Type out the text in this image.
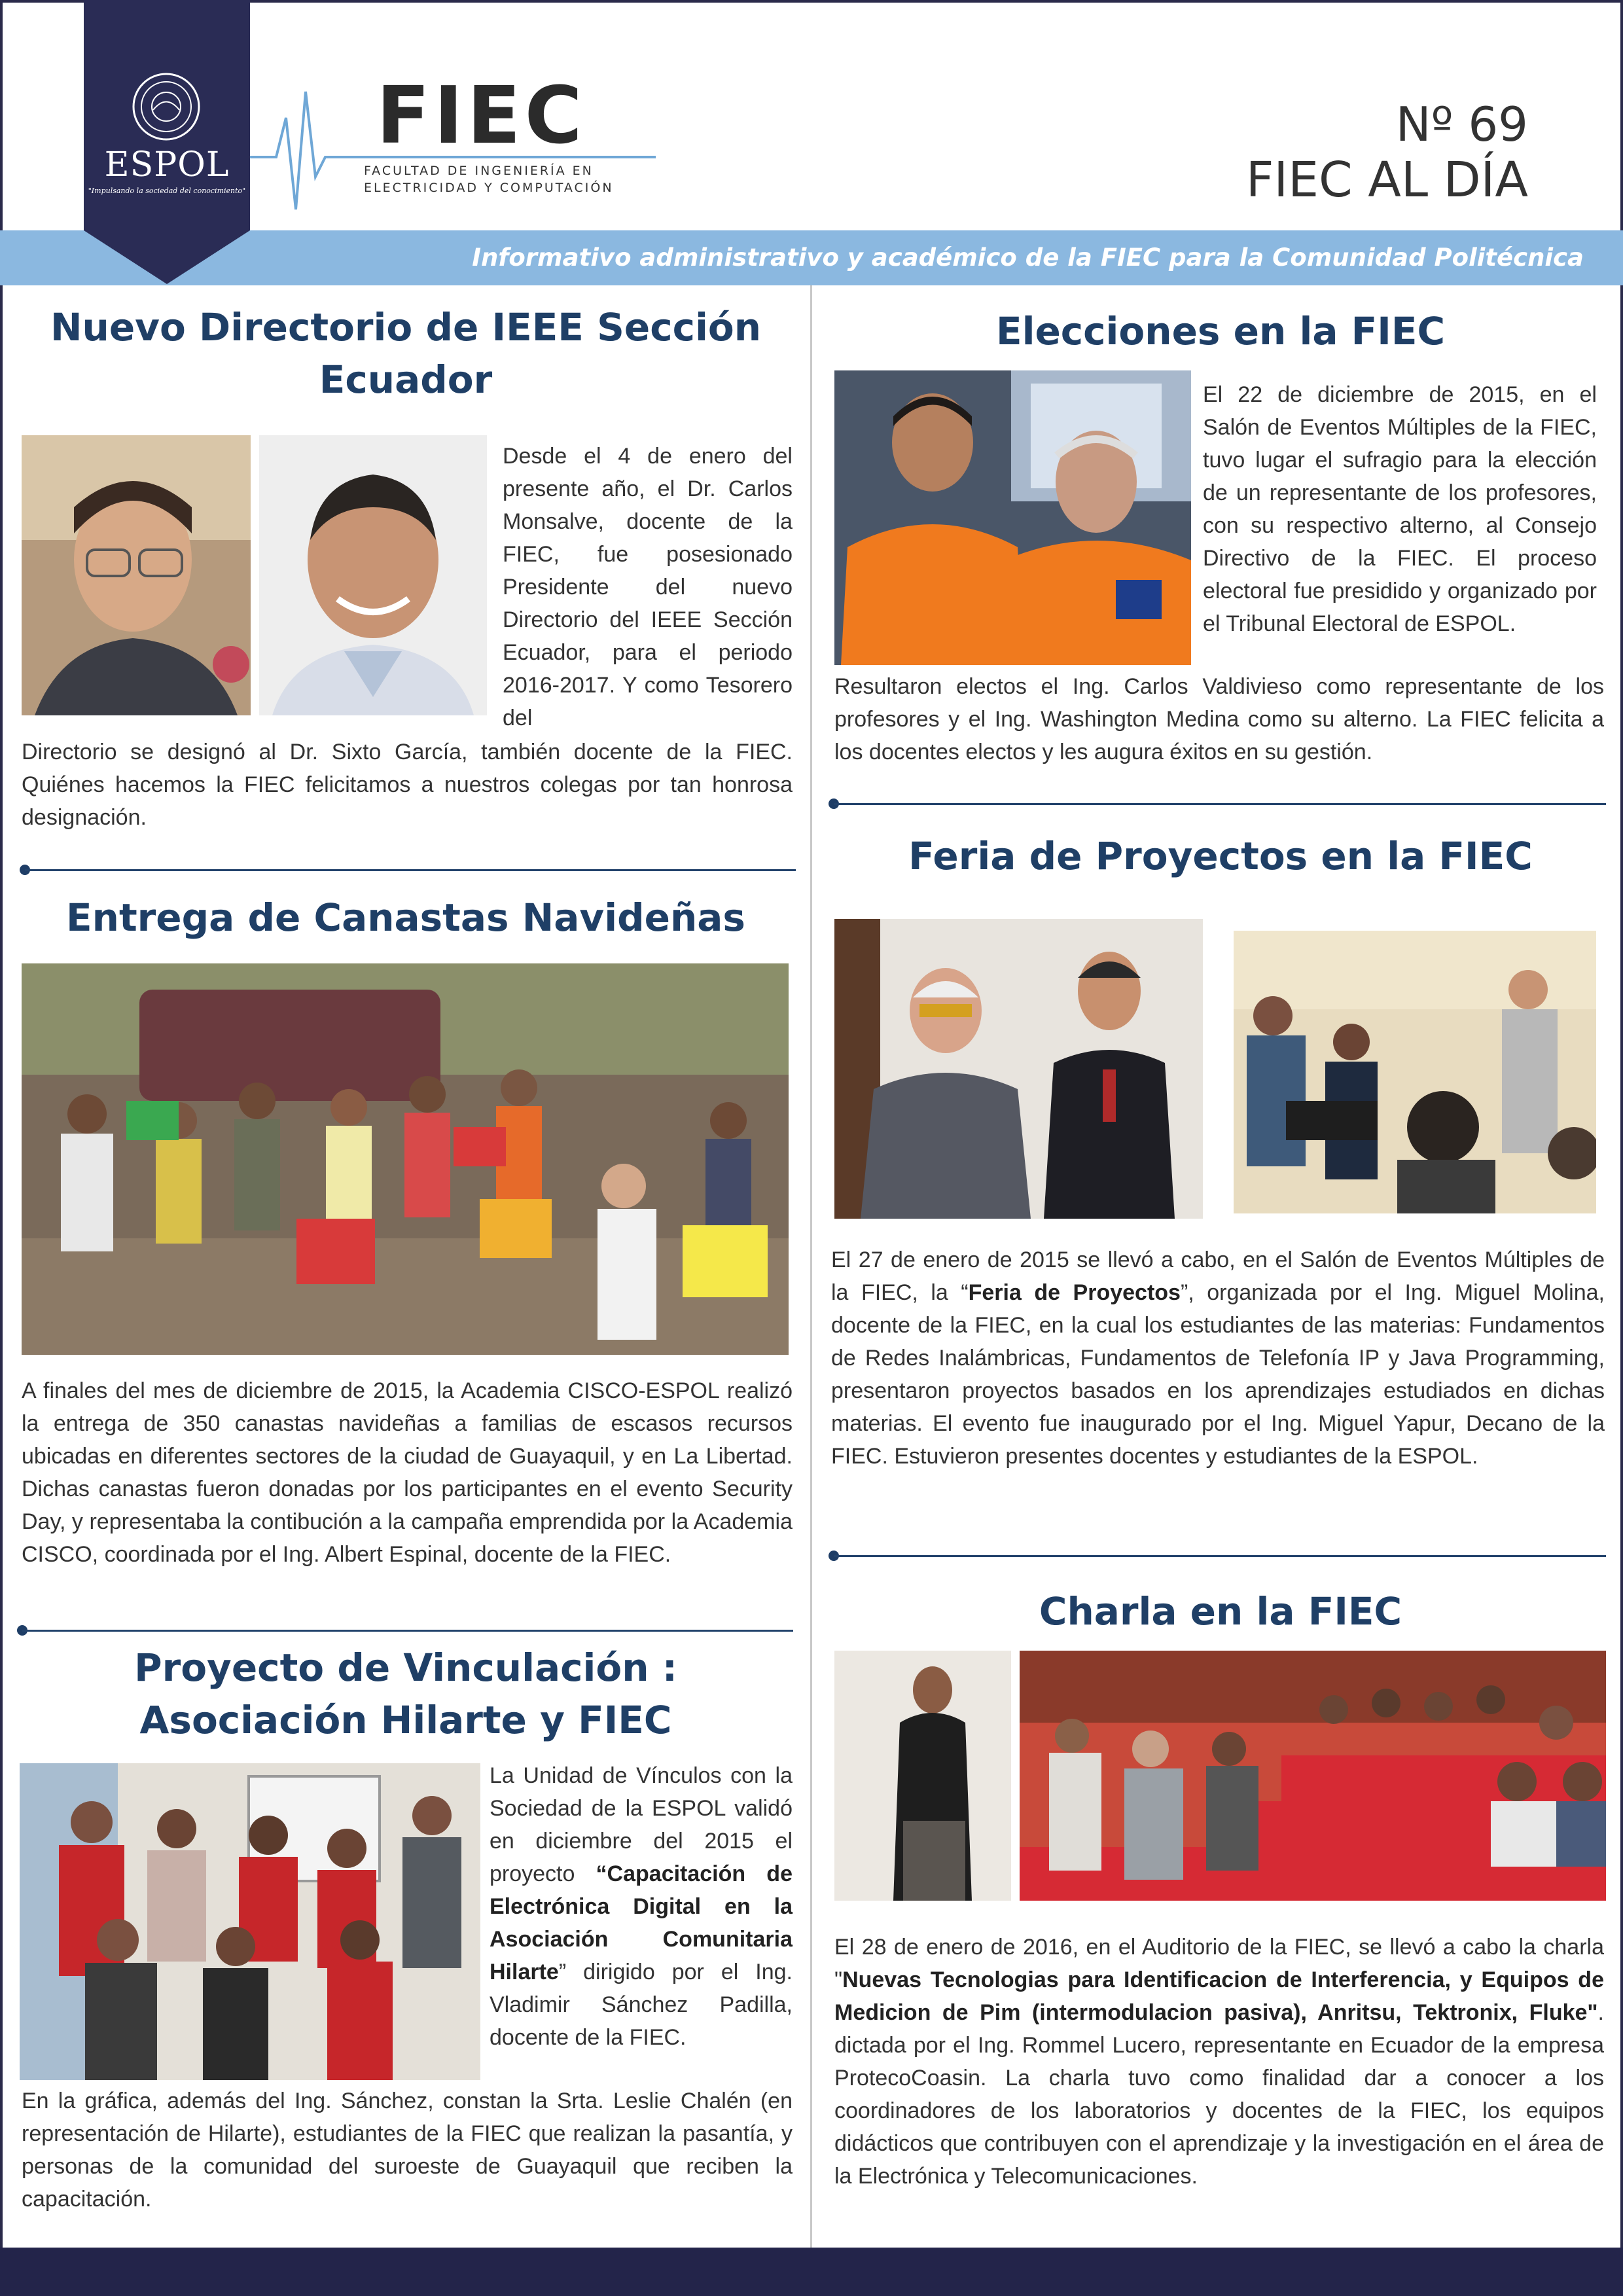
Informativo administrativo y académico de la FIEC para la Comunidad Politécnica
ESPOL
"Impulsando la sociedad del conocimiento"
FIEC
FACULTAD DE INGENIERÍA EN
ELECTRICIDAD Y COMPUTACIÓN
Nº 69
FIEC AL DÍA
Nuevo Directorio de IEEE Sección Ecuador
Desde el 4 de enero del presente año, el Dr. Carlos Monsalve, docente de la FIEC, fue posesionado Presidente del nuevo Directorio del IEEE Sección Ecuador, para el periodo 2016-2017. Y como Tesorero del
Directorio se designó al Dr. Sixto García, también docente de la FIEC. Quiénes hacemos la FIEC felicitamos a nuestros colegas por tan honrosa designación.
Entrega de Canastas Navideñas
A finales del mes de diciembre de 2015, la Academia CISCO-ESPOL realizó la entrega de 350 canastas navideñas a familias de escasos recursos ubicadas en diferentes sectores de la ciudad de Guayaquil, y en La Libertad. Dichas canastas fueron donadas por los participantes en el evento Security Day, y representaba la contibución a la campaña emprendida por la Academia CISCO, coordinada por el Ing. Albert Espinal, docente de la FIEC.
Proyecto de Vinculación : Asociación Hilarte y FIEC
La Unidad de Vínculos con la Sociedad de la ESPOL validó en diciembre del 2015 el proyecto “Capacitación de Electrónica Digital en la Asociación Comunitaria Hilarte” dirigido por el Ing. Vladimir Sánchez Padilla, docente de la FIEC.
En la gráfica, además del Ing. Sánchez, constan la Srta. Leslie Chalén (en representación de Hilarte), estudiantes de la FIEC que realizan la pasantía, y personas de la comunidad del suroeste de Guayaquil que reciben la capacitación.
Elecciones en la FIEC
El 22 de diciembre de 2015, en el Salón de Eventos Múltiples de la FIEC, tuvo lugar el sufragio para la elección de un representante de los profesores, con su respectivo alterno, al Consejo Directivo de la FIEC. El proceso electoral fue presidido y organizado por el Tribunal Electoral de ESPOL.
Resultaron electos el Ing. Carlos Valdivieso como representante de los profesores y el Ing. Washington Medina como su alterno. La FIEC felicita a los docentes electos y les augura éxitos en su gestión.
Feria de Proyectos en la FIEC
El 27 de enero de 2015 se llevó a cabo, en el Salón de Eventos Múltiples de la FIEC, la “Feria de Proyectos”, organizada por el Ing. Miguel Molina, docente de la FIEC, en la cual los estudiantes de las materias: Fundamentos de Redes Inalámbricas, Fundamentos de Telefonía IP y Java Programming, presentaron proyectos basados en los aprendizajes estudiados en dichas materias. El evento fue inaugurado por el Ing. Miguel Yapur, Decano de la FIEC. Estuvieron presentes docentes y estudiantes de la ESPOL.
Charla en la FIEC
El 28 de enero de 2016, en el Auditorio de la FIEC, se llevó a cabo la charla "Nuevas Tecnologias para Identificacion de Interferencia, y Equipos de Medicion de Pim (intermodulacion pasiva), Anritsu, Tektronix, Fluke". dictada por el Ing. Rommel Lucero, representante en Ecuador de la empresa ProtecoCoasin. La charla tuvo como finalidad dar a conocer a los coordinadores de los laboratorios y docentes de la FIEC, los equipos didácticos que contribuyen con el aprendizaje y la investigación en el área de la Electrónica y Telecomunicaciones.
